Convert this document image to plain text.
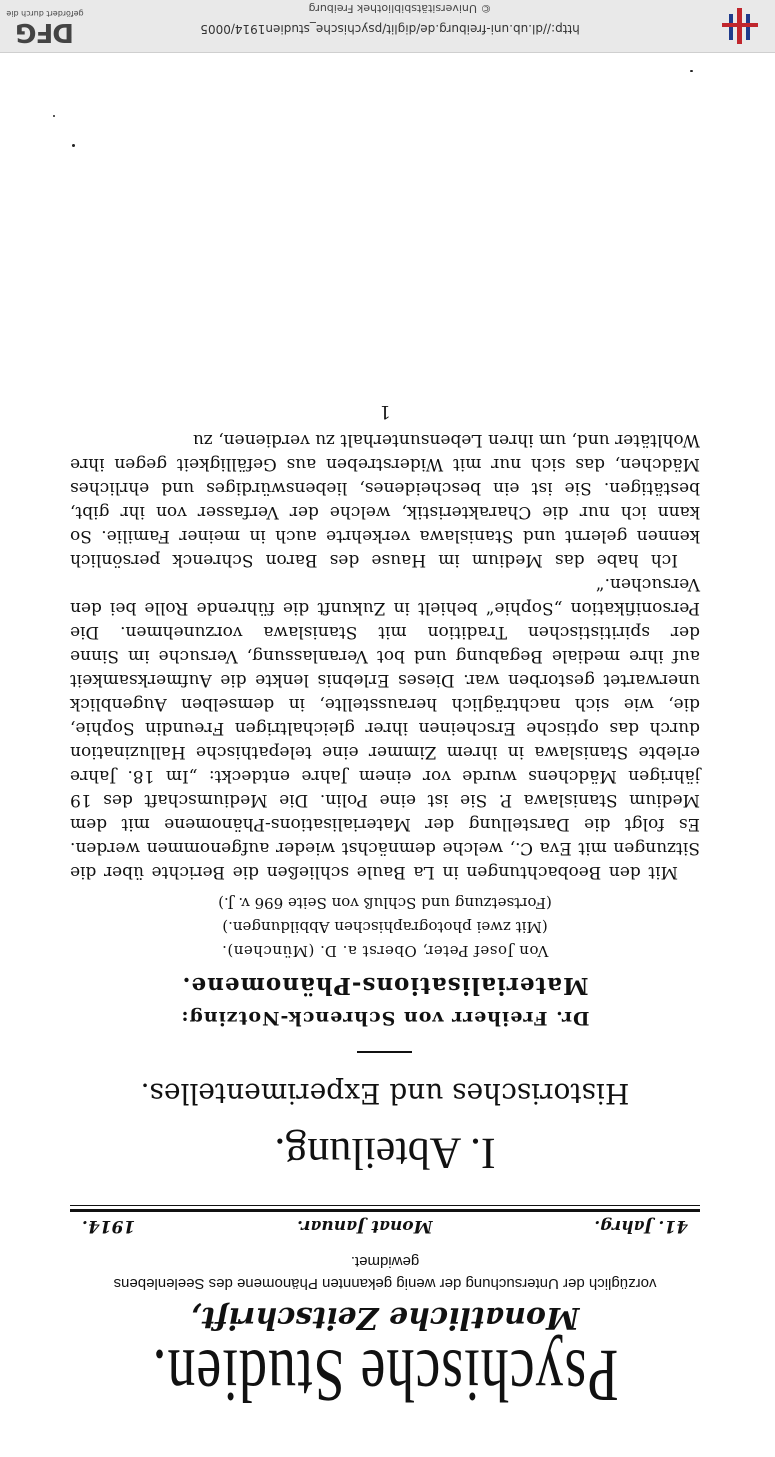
DFG
gefördert durch die	© Universitätsbibliothek Freiburg
http://dl.ub.uni-freiburg.de/diglit/psychische_studien1914/0005
Psychische Studien.
Monatliche Zeitschrift,
vorzüglich der Untersuchung der wenig gekannten Phänomene des Seelenlebens gewidmet.
41. Jahrg.
Monat Januar.
1914.
I. Abteilung.
Historisches und Experimentelles.
Dr. Freiherr von Schrenck-Notzing:
Materialisations-Phänomene.
Von Josef Peter, Oberst a. D. (München).
(Mit zwei photographischen Abbildungen.)
(Fortsetzung und Schluß von Seite 696 v. J.)

Mit den Beobachtungen in La Baule schließen die Berichte über die Sitzungen mit Eva C., welche demnächst wieder aufgenommen werden. Es folgt die Darstellung der Materialisations-Phänomene mit dem Medium Stanislawa P. Sie ist eine Polin. Die Mediumschaft des 19 jährigen Mädchens wurde vor einem Jahre entdeckt: „Im 18. Jahre erlebte Stanislawa in ihrem Zimmer eine telepathische Halluzination durch das optische Erscheinen ihrer gleichaltrigen Freundin Sophie, die, wie sich nachträglich herausstellte, in demselben Augenblick unerwartet gestorben war. Dieses Erlebnis lenkte die Aufmerksamkeit auf ihre mediale Begabung und bot Veranlassung, Versuche im Sinne der spiritistischen Tradition mit Stanislawa vorzunehmen. Die Personifikation „Sophie“ behielt in Zukunft die führende Rolle bei den Versuchen.“

Ich habe das Medium im Hause des Baron Schrenck persönlich kennen gelernt und Stanislawa verkehrte auch in meiner Familie. So kann ich nur die Charakteristik, welche der Verfasser von ihr gibt, bestätigen. Sie ist ein bescheidenes, liebenswürdiges und ehrliches Mädchen, das sich nur mit Widerstreben aus Gefälligkeit gegen ihre Wohltäter und, um ihren Lebensunterhalt zu verdienen, zu

1
